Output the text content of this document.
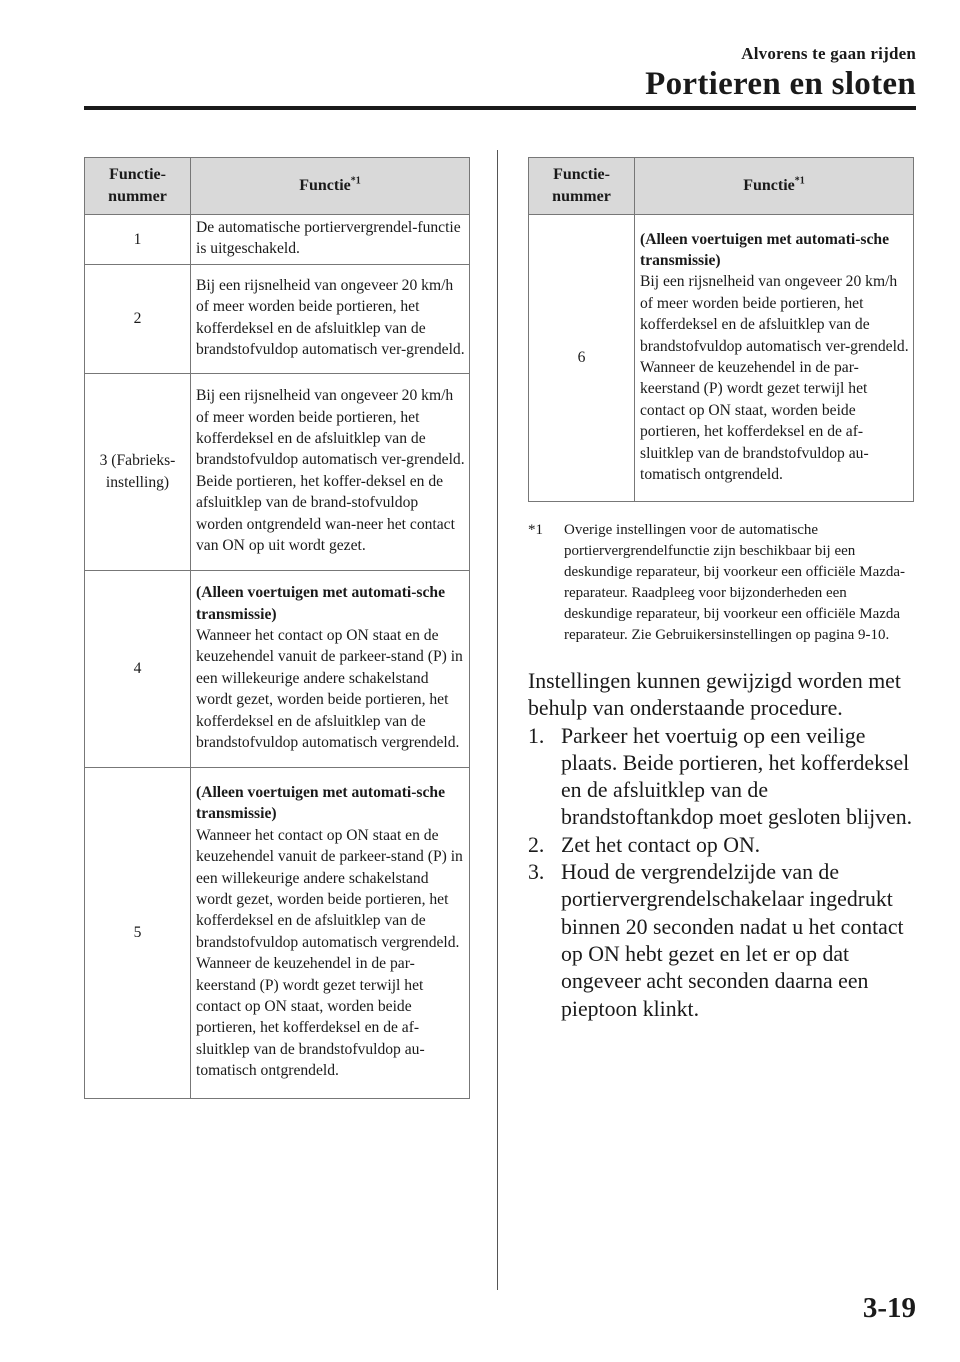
Alvorens te gaan rijden
Portieren en sloten
Functie-nummer	Functie$^{*1}$
1	De automatische portiervergrendel-functie is uitgeschakeld.

2	Bij een rijsnelheid van ongeveer 20 km/h of meer worden beide portieren, het kofferdeksel en de afsluitklep van de brandstofvuldop automatisch ver-grendeld.

3 (Fabrieks-instelling)	Bij een rijsnelheid van ongeveer 20 km/h of meer worden beide portieren, het kofferdeksel en de afsluitklep van de brandstofvuldop automatisch ver-grendeld. Beide portieren, het koffer-deksel en de afsluitklep van de brand-stofvuldop worden ontgrendeld wan-neer het contact van ON op uit wordt gezet.

4	(Alleen voertuigen met automati-sche transmissie)
Wanneer het contact op ON staat en de keuzehendel vanuit de parkeer-stand (P) in een willekeurige andere schakelstand wordt gezet, worden beide portieren, het kofferdeksel en de afsluitklep van de brandstofvuldop automatisch vergrendeld.

5	(Alleen voertuigen met automati-sche transmissie)
Wanneer het contact op ON staat en de keuzehendel vanuit de parkeer-stand (P) in een willekeurige andere schakelstand wordt gezet, worden beide portieren, het kofferdeksel en de afsluitklep van de brandstofvuldop automatisch vergrendeld.
Wanneer de keuzehendel in de par-keerstand (P) wordt gezet terwijl het contact op ON staat, worden beide portieren, het kofferdeksel en de af-sluitklep van de brandstofvuldop au-tomatisch ontgrendeld.
Functie-nummer	Functie$^{*1}$
6	(Alleen voertuigen met automati-sche transmissie)
Bij een rijsnelheid van ongeveer 20 km/h of meer worden beide portieren, het kofferdeksel en de afsluitklep van de brandstofvuldop automatisch ver-grendeld.
Wanneer de keuzehendel in de par-keerstand (P) wordt gezet terwijl het contact op ON staat, worden beide portieren, het kofferdeksel en de af-sluitklep van de brandstofvuldop au-tomatisch ontgrendeld.
*1	Overige instellingen voor de automatische portiervergrendelfunctie zijn beschikbaar bij een deskundige reparateur, bij voorkeur een officiële Mazda-reparateur. Raadpleeg voor bijzonderheden een deskundige reparateur, bij voorkeur een officiële Mazda reparateur. Zie Gebruikersinstellingen op pagina 9-10.

Instellingen kunnen gewijzigd worden met behulp van onderstaande procedure.

1. Parkeer het voertuig op een veilige plaats. Beide portieren, het kofferdeksel en de afsluitklep van de brandstoftankdop moet gesloten blijven.
2. Zet het contact op ON.
3. Houd de vergrendelzijde van de portiervergrendelschakelaar ingedrukt binnen 20 seconden nadat u het contact op ON hebt gezet en let er op dat ongeveer acht seconden daarna een pieptoon klinkt.
3-19
